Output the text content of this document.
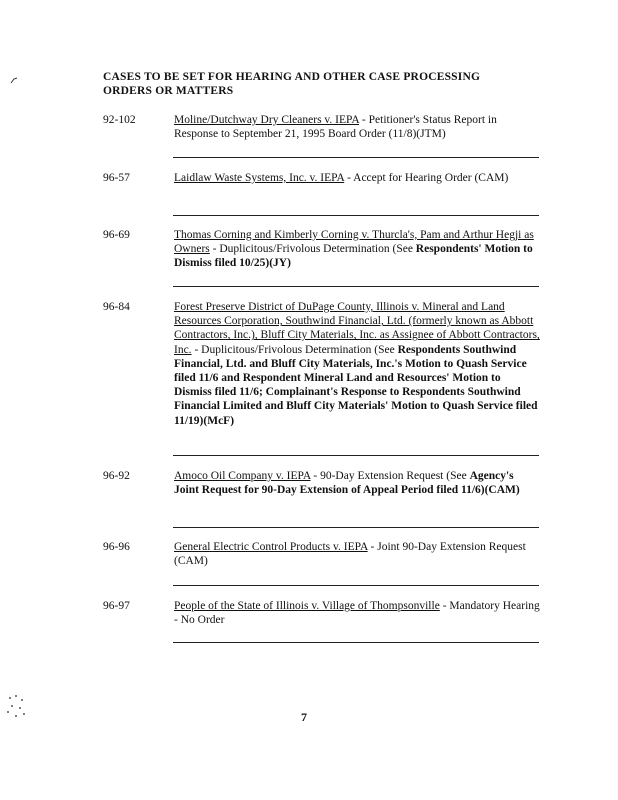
CASES TO BE SET FOR HEARING AND OTHER CASE PROCESSING ORDERS OR MATTERS
92-102	Moline/Dutchway Dry Cleaners v. IEPA - Petitioner's Status Report in Response to September 21, 1995 Board Order (11/8)(JTM)
96-57	Laidlaw Waste Systems, Inc. v. IEPA - Accept for Hearing Order (CAM)
96-69	Thomas Corning and Kimberly Corning v. Thurcla's, Pam and Arthur Hegji as Owners - Duplicitous/Frivolous Determination (See Respondents' Motion to Dismiss filed 10/25)(JY)
96-84	Forest Preserve District of DuPage County, Illinois v. Mineral and Land Resources Corporation, Southwind Financial, Ltd. (formerly known as Abbott Contractors, Inc.), Bluff City Materials, Inc. as Assignee of Abbott Contractors, Inc. - Duplicitous/Frivolous Determination (See Respondents Southwind Financial, Ltd. and Bluff City Materials, Inc.'s Motion to Quash Service filed 11/6 and Respondent Mineral Land and Resources' Motion to Dismiss filed 11/6; Complainant's Response to Respondents Southwind Financial Limited and Bluff City Materials' Motion to Quash Service filed 11/19)(McF)
96-92	Amoco Oil Company v. IEPA - 90-Day Extension Request (See Agency's Joint Request for 90-Day Extension of Appeal Period filed 11/6)(CAM)
96-96	General Electric Control Products v. IEPA - Joint 90-Day Extension Request (CAM)
96-97	People of the State of Illinois v. Village of Thompsonville - Mandatory Hearing - No Order
7
